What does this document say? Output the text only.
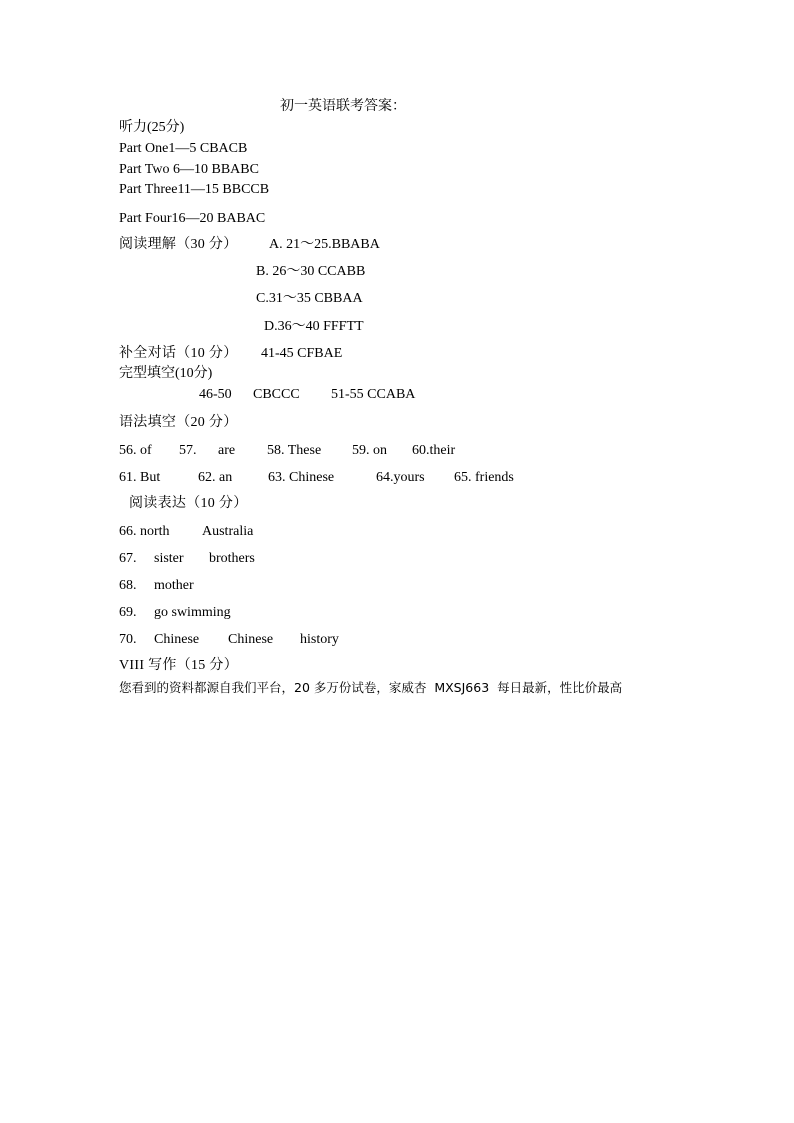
初一英语联考答案：
听力(25分)
Part One1—5 CBACB
Part Two 6—10 BBABC
Part Three11—15 BBCCB
Part Four16—20 BABAC
阅读理解（30 分） A. 21～25.BBABA
B. 26～30 CCABB
C.31～35 CBBAA
D.36～40 FFFTT
补全对话（10 分） 41-45 CFBAE
完型填空(10分)
46-50 CBCCC 51-55 CCABA
语法填空（20 分）
56. of 57. are 58. These 59. on 60.their
61. But	62. an	63. Chinese	64.yours 65. friends
阅读表达（10 分）
66. north Australia
67. sister brothers
68. mother
69. go swimming
70. Chinese Chinese history
VIII 写作（15 分）
您看到的资料都源自我们平台，20 多万份试卷，家威杏  MXSJ663  每日最新，性比价最高
